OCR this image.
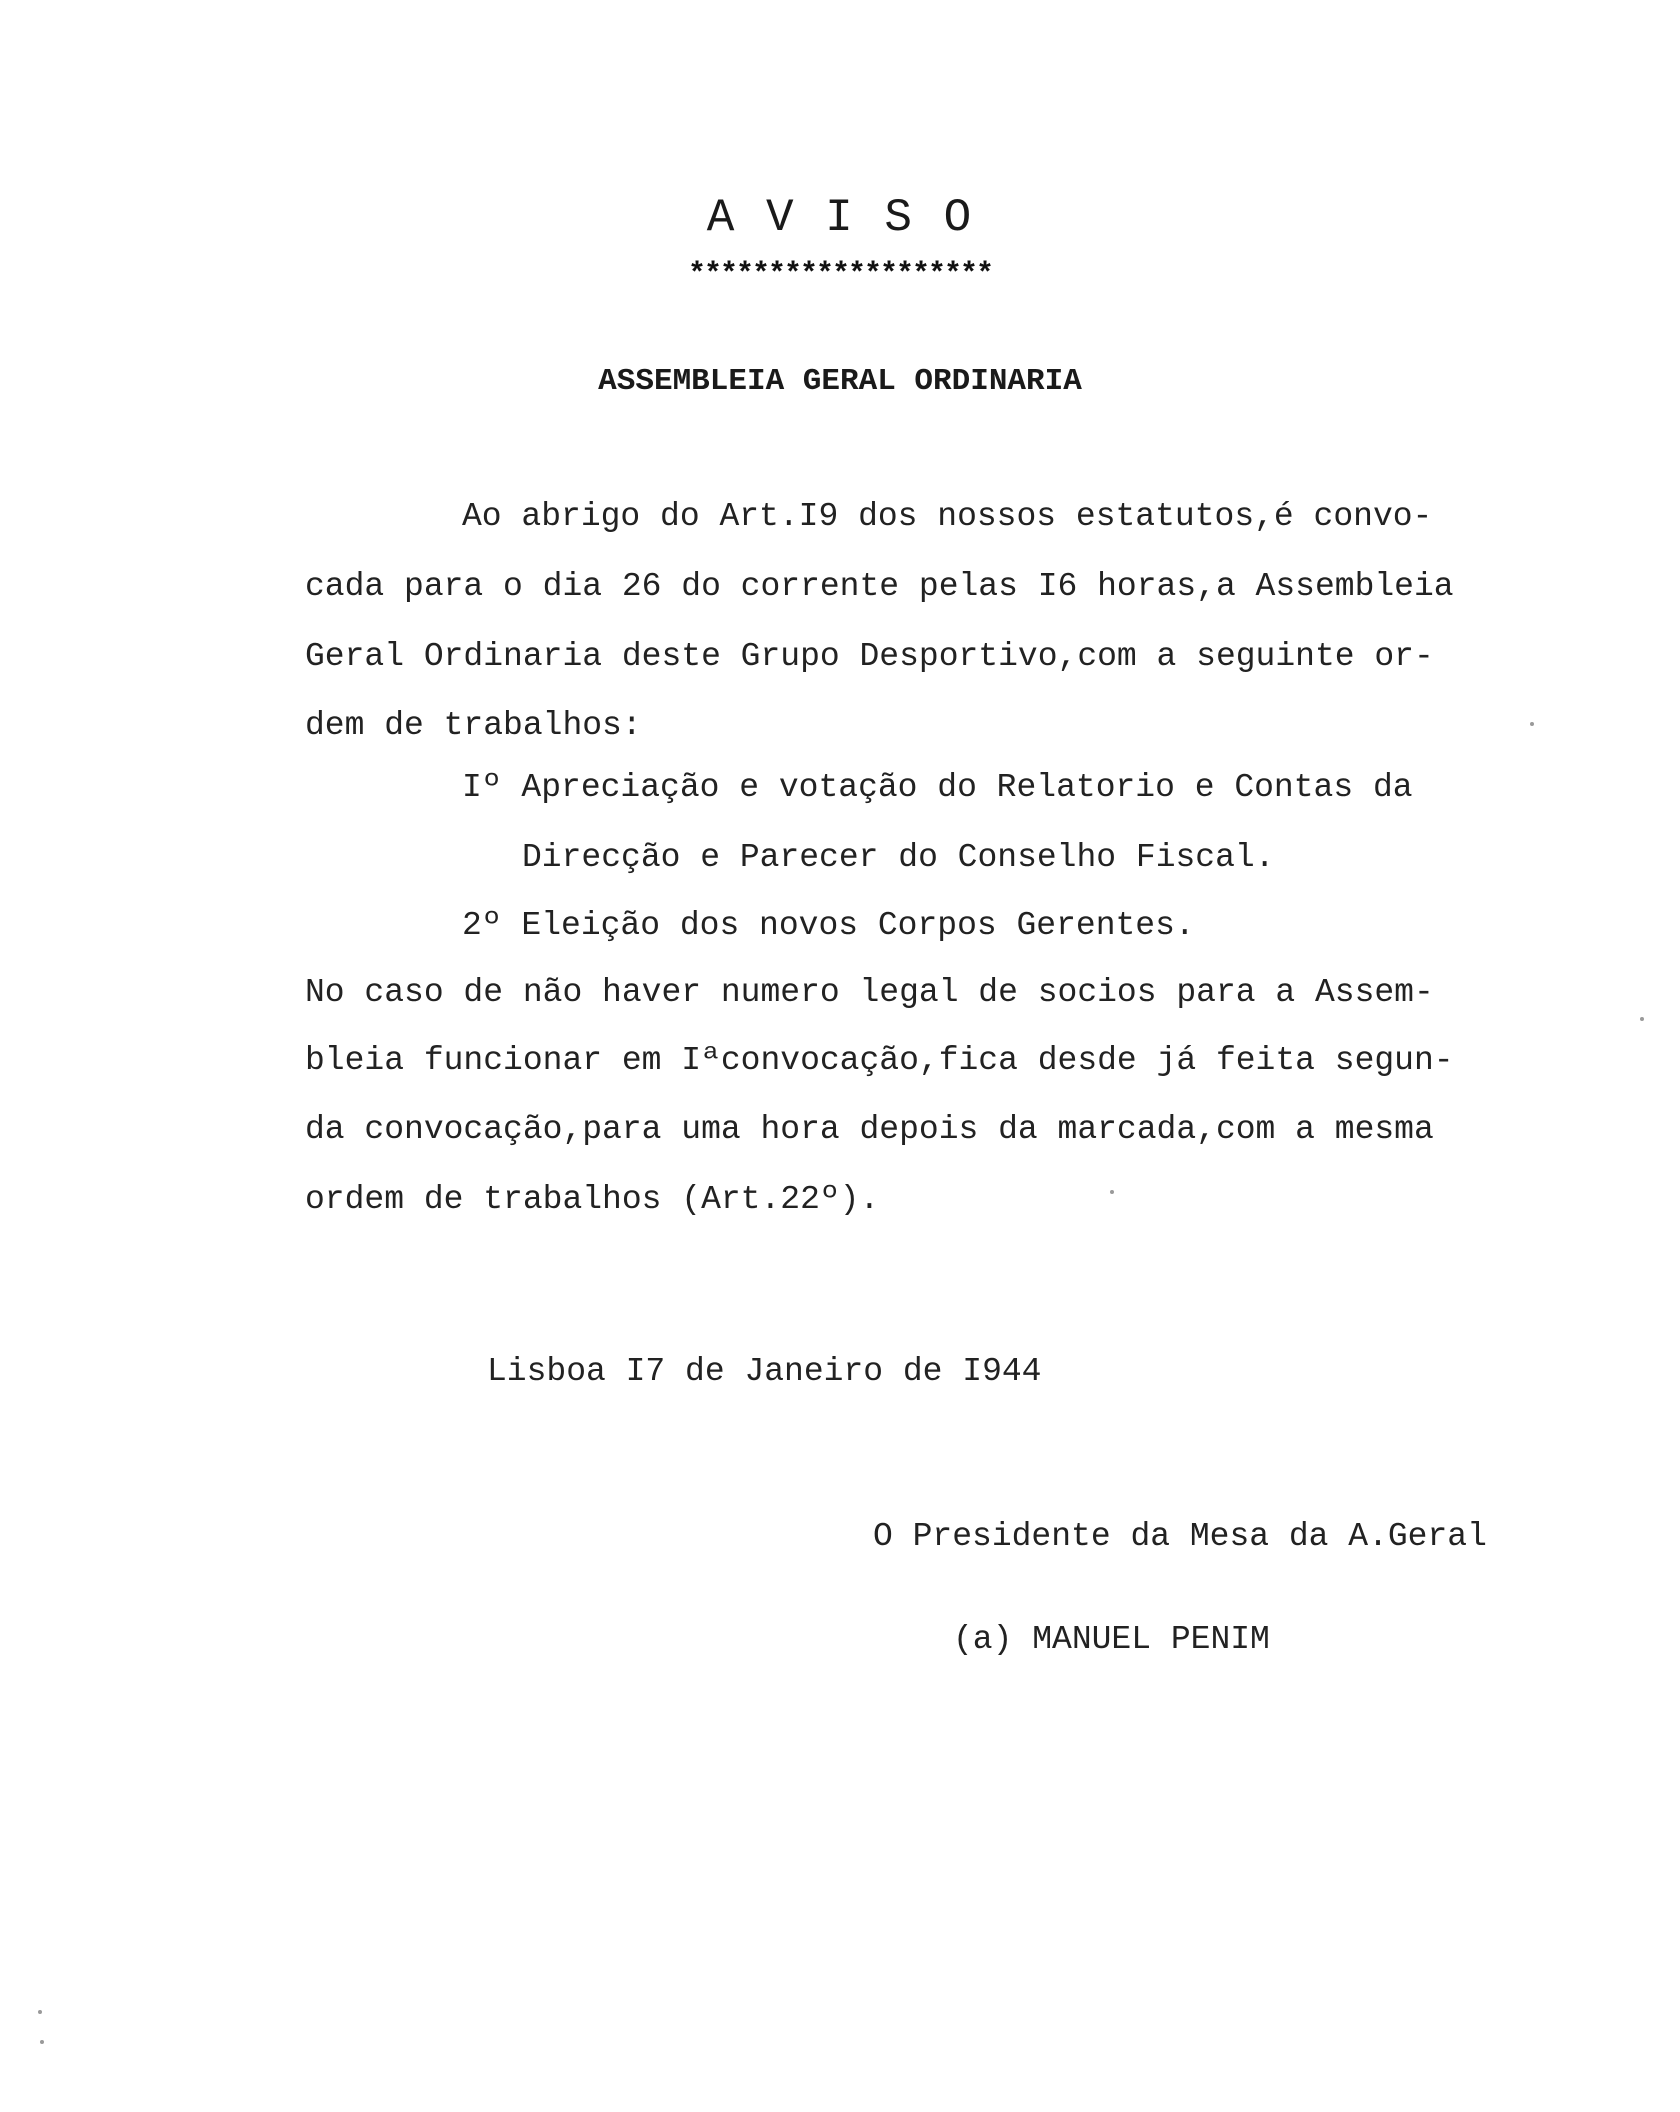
A V I S O
*******************
ASSEMBLEIA GERAL ORDINARIA
Ao abrigo do Art.I9 dos nossos estatutos,é convo-
cada para o dia 26 do corrente pelas I6 horas,a Assembleia
Geral Ordinaria deste Grupo Desportivo,com a seguinte or-
dem de trabalhos:
Iº Apreciação e votação do Relatorio e Contas da
Direcção e Parecer do Conselho Fiscal.
2º Eleição dos novos Corpos Gerentes.
No caso de não haver numero legal de socios para a Assem-
bleia funcionar em Iªconvocação,fica desde já feita segun-
da convocação,para uma hora depois da marcada,com a mesma
ordem de trabalhos (Art.22º).
Lisboa I7 de Janeiro de I944
O Presidente da Mesa da A.Geral
(a) MANUEL PENIM
